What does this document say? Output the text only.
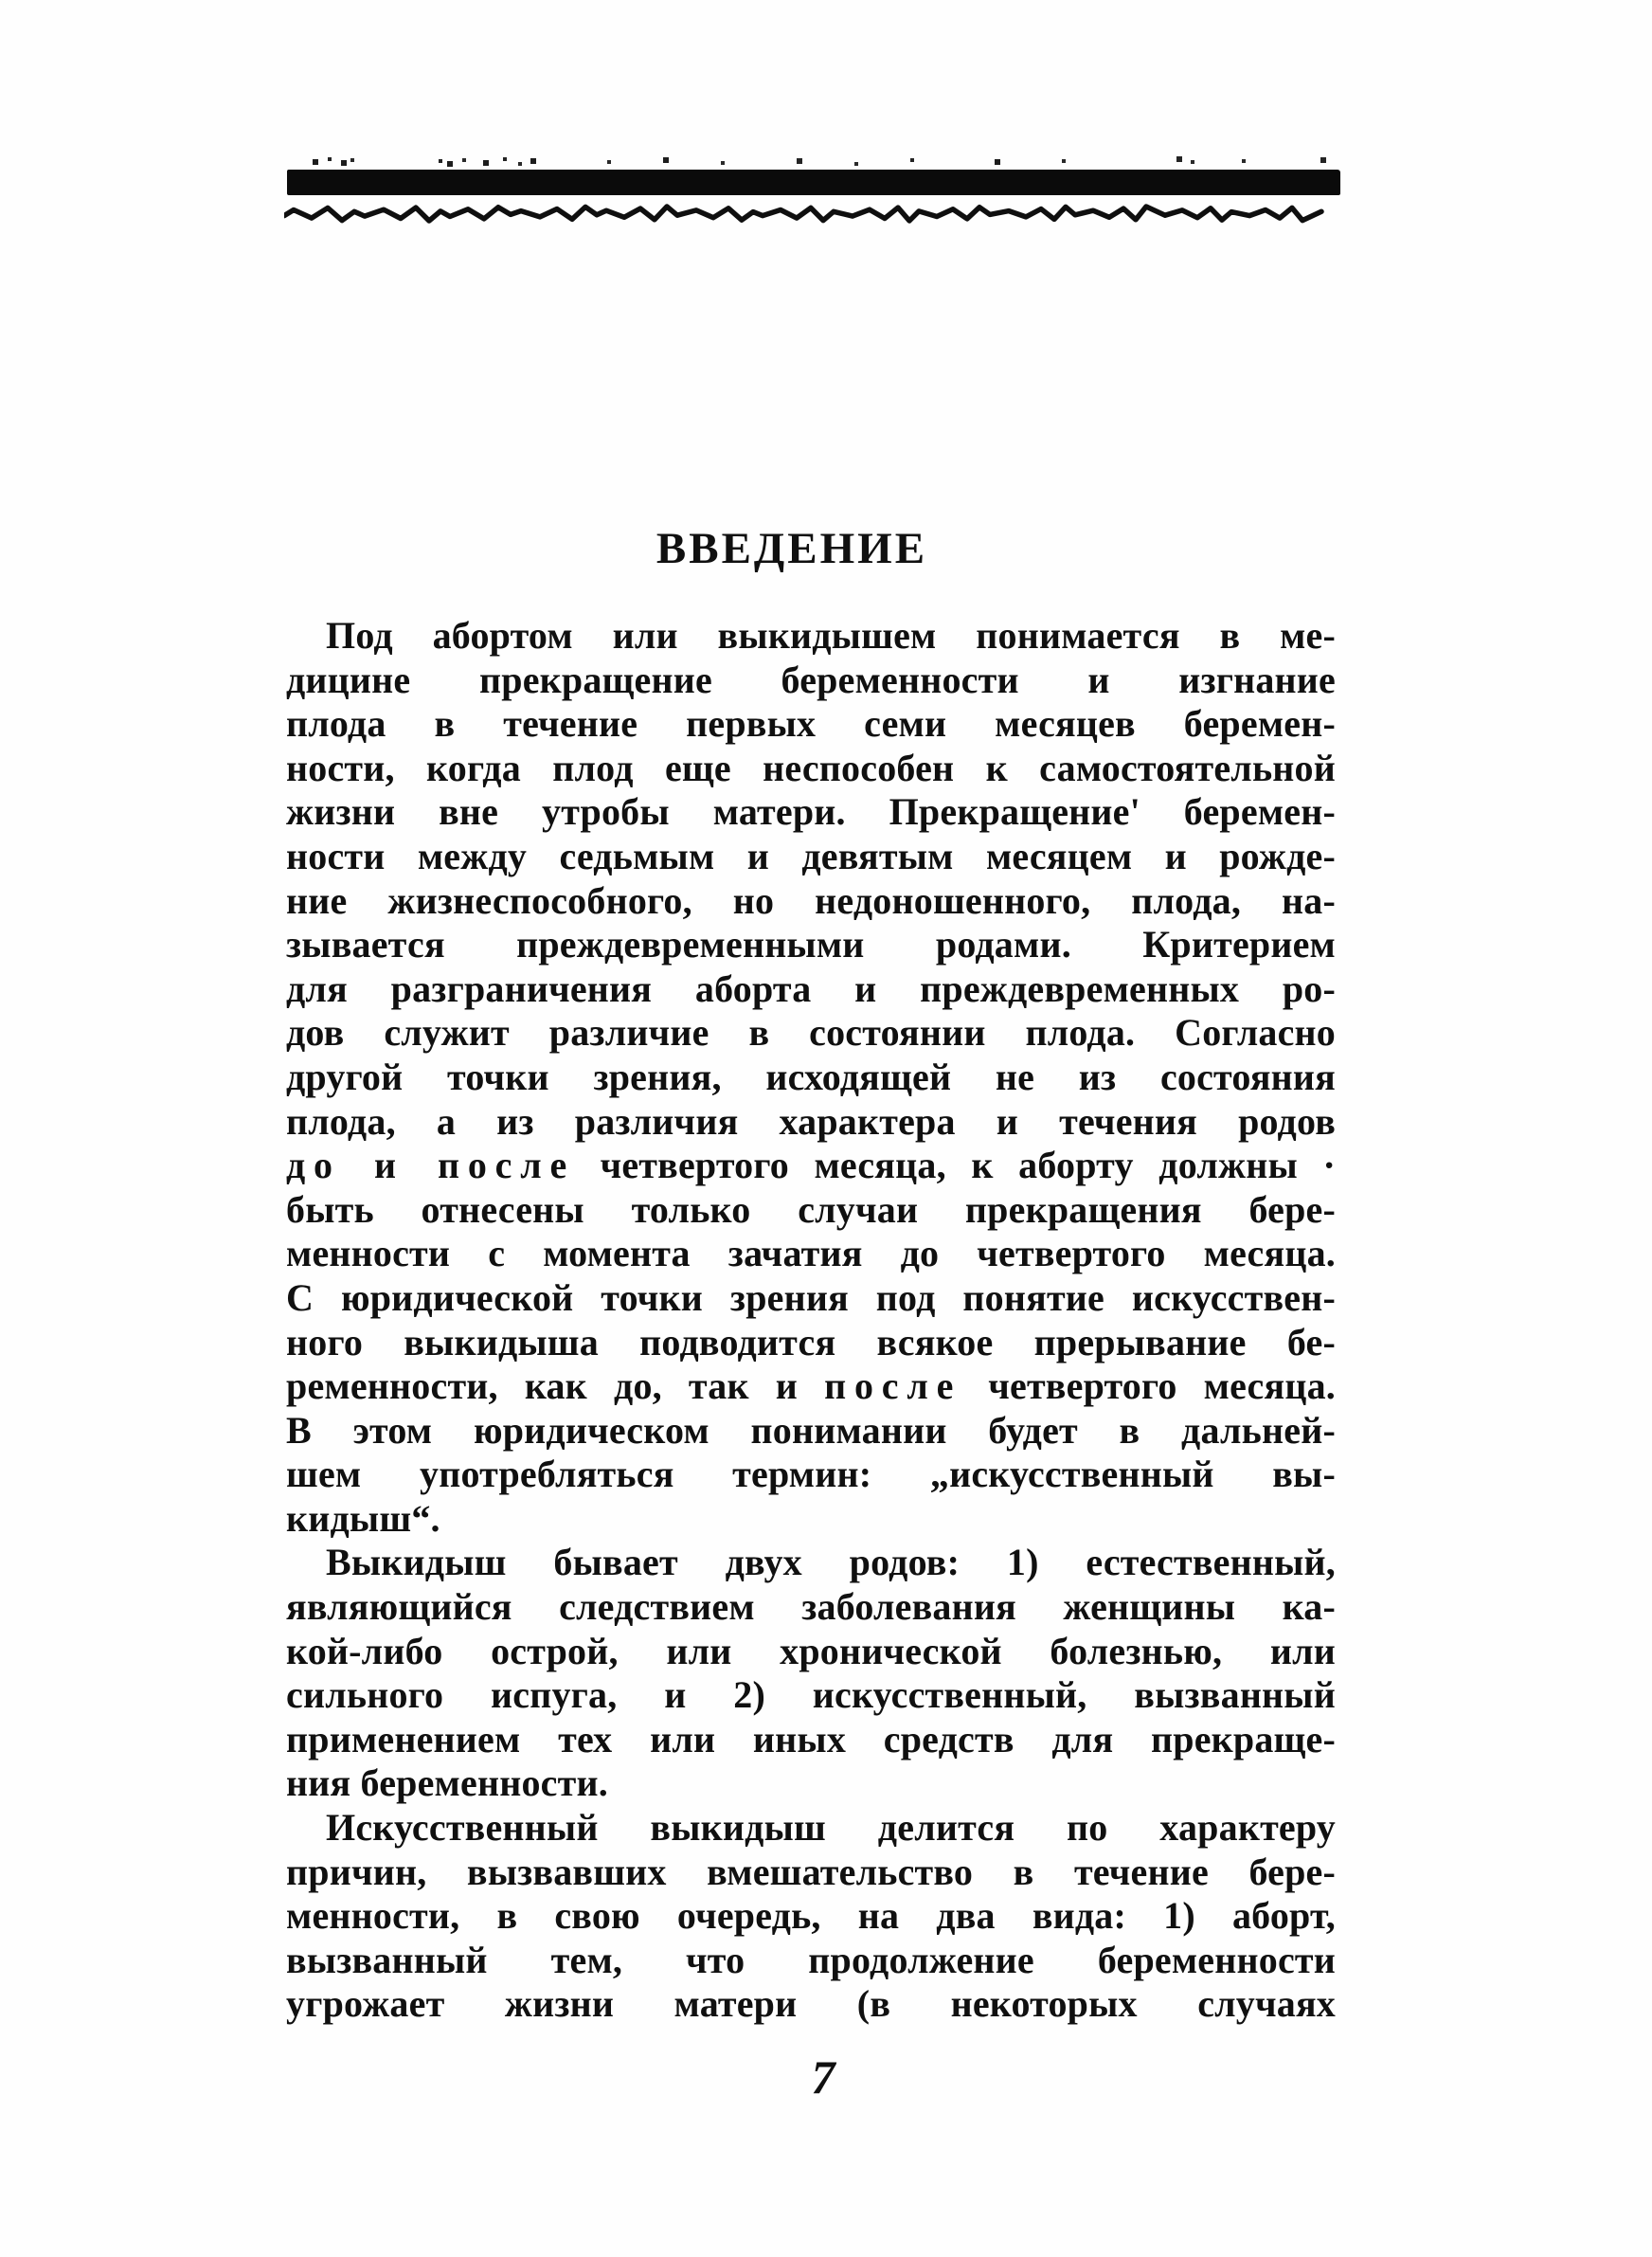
ВВЕДЕНИЕ
Под абортом или выкидышем понимается в ме-
дицине прекращение беременности и изгнание
плода в течение первых семи месяцев беремен-
ности, когда плод еще неспособен к самостоятельной
жизни вне утробы матери. Прекращение' беремен-
ности между седьмым и девятым месяцем и рожде-
ние жизнеспособного, но недоношенного, плода, на-
зывается преждевременными родами. Критерием
для разграничения аборта и преждевременных ро-
дов служит различие в состоянии плода. Согласно
другой точки зрения, исходящей не из состояния
плода, а из различия характера и течения родов
до и после четвертого месяца, к аборту должны ·
быть отнесены только случаи прекращения бере-
менности с момента зачатия до четвертого месяца.
С юридической точки зрения под понятие искусствен-
ного выкидыша подводится всякое прерывание бе-
ременности, как до, так и после четвертого месяца.
В этом юридическом понимании будет в дальней-
шем употребляться термин: „искусственный вы-
кидыш“.
Выкидыш бывает двух родов: 1) естественный,
являющийся следствием заболевания женщины ка-
кой-либо острой, или хронической болезнью, или
сильного испуга, и 2) искусственный, вызванный
применением тех или иных средств для прекраще-
ния беременности.
Искусственный выкидыш делится по характеру
причин, вызвавших вмешательство в течение бере-
менности, в свою очередь, на два вида: 1) аборт,
вызванный тем, что продолжение беременности
угрожает жизни матери (в некоторых случаях
7
